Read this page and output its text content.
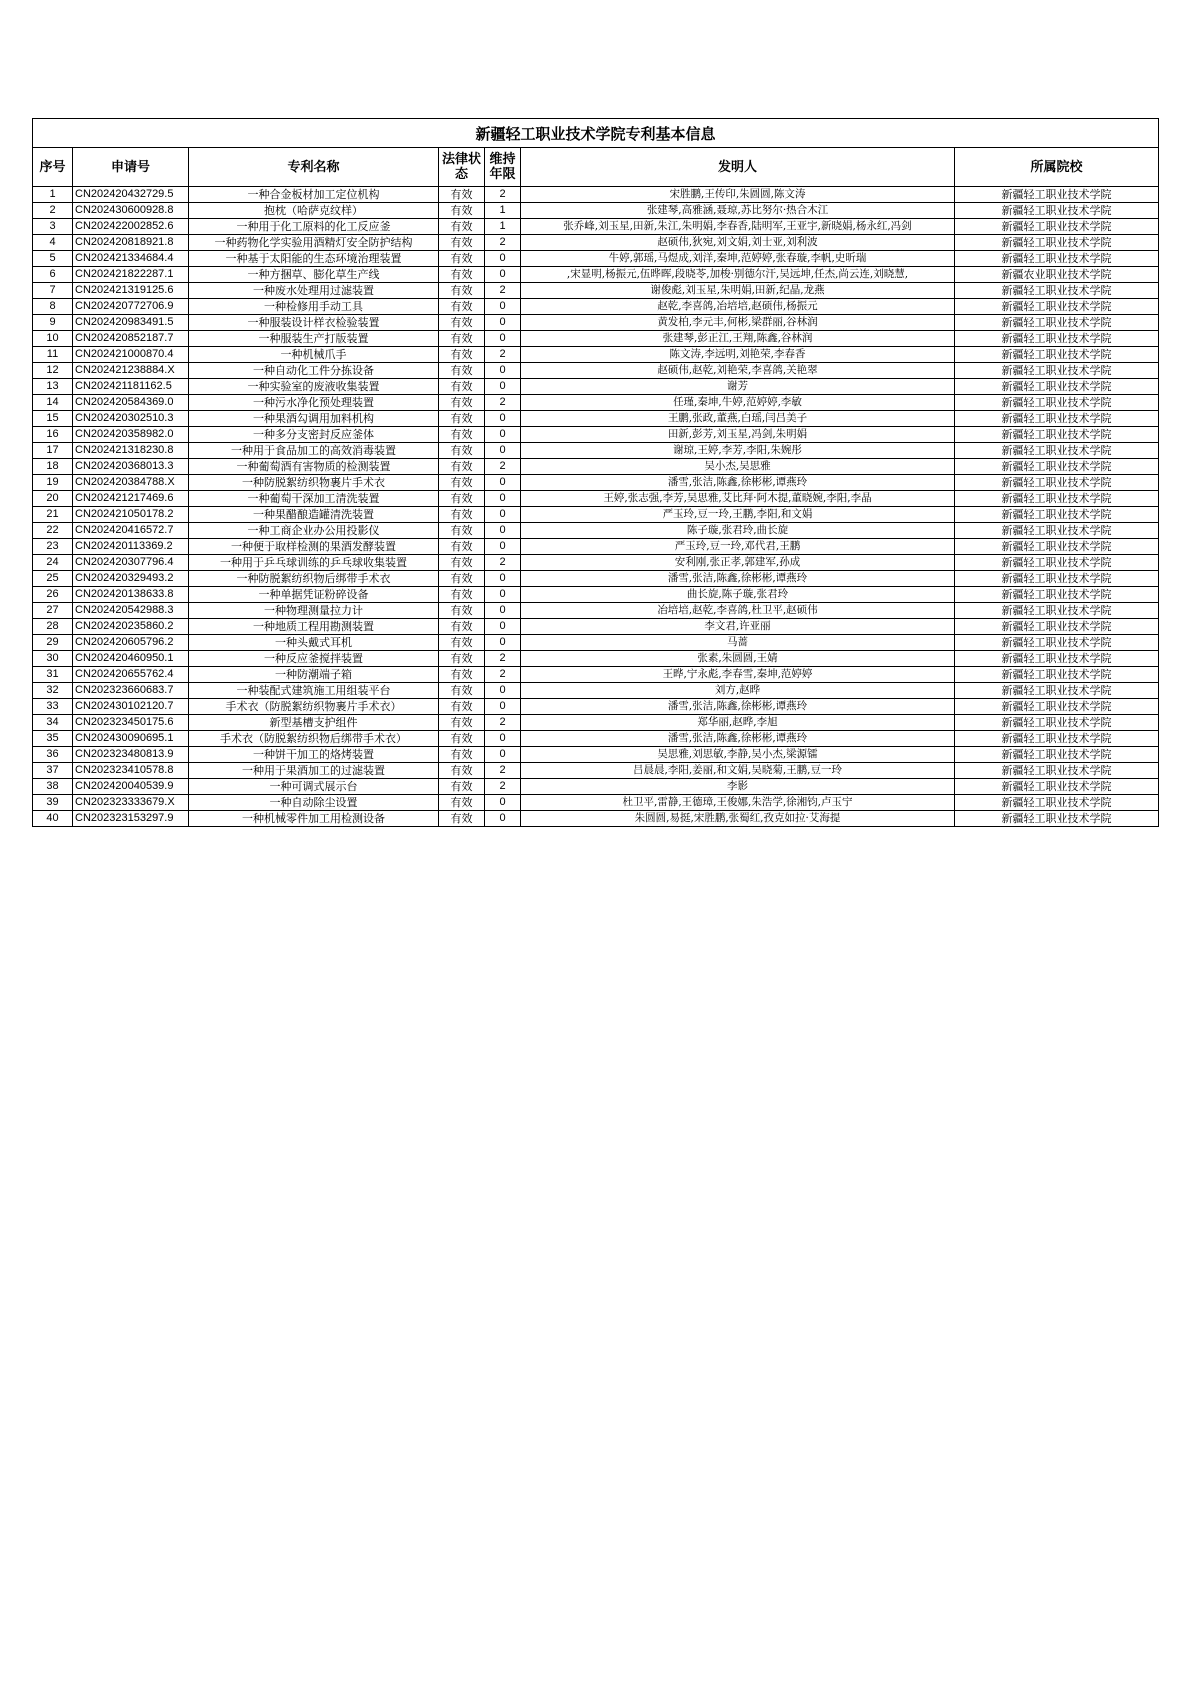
新疆轻工职业技术学院专利基本信息						
序号	申请号	专利名称	法律状态	维持年限	发明人	所属院校
1	CN202420432729.5	一种合金板材加工定位机构	有效	2	宋胜鹏,王传印,朱圆圆,陈文涛	新疆轻工职业技术学院
2	CN202430600928.8	抱枕（哈萨克纹样）	有效	1	张建琴,高雅涵,聂琼,苏比努尔·热合木江	新疆轻工职业技术学院
3	CN202422002852.6	一种用于化工原料的化工反应釜	有效	1	张乔峰,刘玉星,田新,朱江,朱明娟,李春香,陆明军,王亚宇,新晓娟,杨永红,冯剑	新疆轻工职业技术学院
4	CN202420818921.8	一种药物化学实验用酒精灯安全防护结构	有效	2	赵硕伟,狄宛,刘文娟,刘士亚,刘利波	新疆轻工职业技术学院
5	CN202421334684.4	一种基于太阳能的生态环境治理装置	有效	0	牛婷,郭瑶,马煜成,刘洋,秦坤,范婷婷,张春璇,李帆,史昕瑞	新疆轻工职业技术学院
6	CN202421822287.1	一种方捆草、膨化草生产线	有效	0	,宋显明,杨振元,伍晔晖,段晓苓,加梭·别德尔汗,吴远坤,任杰,尚云连,刘晓慧,	新疆农业职业技术学院
7	CN202421319125.6	一种废水处理用过滤装置	有效	2	谢俊彪,刘玉星,朱明娟,田新,纪晶,龙燕	新疆轻工职业技术学院
8	CN202420772706.9	一种检修用手动工具	有效	0	赵乾,李喜鸽,冶培培,赵硕伟,杨振元	新疆轻工职业技术学院
9	CN202420983491.5	一种服装设计样衣检验装置	有效	0	黄发柏,李元丰,何彬,梁群丽,谷林润	新疆轻工职业技术学院
10	CN202420852187.7	一种服装生产打版装置	有效	0	张建琴,彭正江,王翔,陈鑫,谷林润	新疆轻工职业技术学院
11	CN202421000870.4	一种机械爪手	有效	2	陈文涛,李远明,刘艳荣,李春香	新疆轻工职业技术学院
12	CN202421238884.X	一种自动化工件分拣设备	有效	0	赵硕伟,赵乾,刘艳荣,李喜鸽,关艳翠	新疆轻工职业技术学院
13	CN202421181162.5	一种实验室的废液收集装置	有效	0	谢芳	新疆轻工职业技术学院
14	CN202420584369.0	一种污水净化预处理装置	有效	2	任瑾,秦坤,牛婷,范婷婷,李敏	新疆轻工职业技术学院
15	CN202420302510.3	一种果酒勾调用加料机构	有效	0	王鹏,张政,董燕,白瑶,闫吕美子	新疆轻工职业技术学院
16	CN202420358982.0	一种多分支密封反应釜体	有效	0	田新,彭芳,刘玉星,冯剑,朱明娟	新疆轻工职业技术学院
17	CN202421318230.8	一种用于食品加工的高效消毒装置	有效	0	谢琼,王婷,李芳,李阳,朱婉彤	新疆轻工职业技术学院
18	CN202420368013.3	一种葡萄酒有害物质的检测装置	有效	2	吴小杰,吴思雅	新疆轻工职业技术学院
19	CN202420384788.X	一种防脱絮纺织物裹片手术衣	有效	0	潘雪,张洁,陈鑫,徐彬彬,谭燕玲	新疆轻工职业技术学院
20	CN202421217469.6	一种葡萄干深加工清洗装置	有效	0	王婷,张志强,李芳,吴思雅,艾比拜·阿木提,董晓婉,李阳,李晶	新疆轻工职业技术学院
21	CN202421050178.2	一种果醋酿造罐清洗装置	有效	0	严玉玲,豆一玲,王鹏,李阳,和文娟	新疆轻工职业技术学院
22	CN202420416572.7	一种工商企业办公用投影仪	有效	0	陈子璇,张君玲,曲长旋	新疆轻工职业技术学院
23	CN202420113369.2	一种便于取样检测的果酒发酵装置	有效	0	严玉玲,豆一玲,邓代君,王鹏	新疆轻工职业技术学院
24	CN202420307796.4	一种用于乒乓球训练的乒乓球收集装置	有效	2	安利刚,张正孝,郭建军,孙成	新疆轻工职业技术学院
25	CN202420329493.2	一种防脱絮纺织物后绑带手术衣	有效	0	潘雪,张洁,陈鑫,徐彬彬,谭燕玲	新疆轻工职业技术学院
26	CN202420138633.8	一种单据凭证粉碎设备	有效	0	曲长旋,陈子璇,张君玲	新疆轻工职业技术学院
27	CN202420542988.3	一种物理测量拉力计	有效	0	冶培培,赵乾,李喜鸽,杜卫平,赵硕伟	新疆轻工职业技术学院
28	CN202420235860.2	一种地质工程用勘测装置	有效	0	李文君,许亚丽	新疆轻工职业技术学院
29	CN202420605796.2	一种头戴式耳机	有效	0	马蔷	新疆轻工职业技术学院
30	CN202420460950.1	一种反应釜搅拌装置	有效	2	张素,朱圆圆,王婧	新疆轻工职业技术学院
31	CN202420655762.4	一种防潮端子箱	有效	2	王晔,宁永彪,李春雪,秦坤,范婷婷	新疆轻工职业技术学院
32	CN202323660683.7	一种装配式建筑施工用组装平台	有效	0	刘方,赵晔	新疆轻工职业技术学院
33	CN202430102120.7	手术衣（防脱絮纺织物裹片手术衣）	有效	0	潘雪,张洁,陈鑫,徐彬彬,谭燕玲	新疆轻工职业技术学院
34	CN202323450175.6	新型基槽支护组件	有效	2	郑华丽,赵晔,李旭	新疆轻工职业技术学院
35	CN202430090695.1	手术衣（防脱絮纺织物后绑带手术衣）	有效	0	潘雪,张洁,陈鑫,徐彬彬,谭燕玲	新疆轻工职业技术学院
36	CN202323480813.9	一种饼干加工的烙烤装置	有效	0	吴思雅,刘思敏,李静,吴小杰,梁源镭	新疆轻工职业技术学院
37	CN202323410578.8	一种用于果酒加工的过滤装置	有效	2	吕晨晨,李阳,姜丽,和文娟,吴晓菊,王鹏,豆一玲	新疆轻工职业技术学院
38	CN202420040539.9	一种可调式展示台	有效	2	李影	新疆轻工职业技术学院
39	CN202323333679.X	一种自动除尘设置	有效	0	杜卫平,雷静,王德璋,王俊娜,朱浩学,徐湘钧,卢玉宁	新疆轻工职业技术学院
40	CN202323153297.9	一种机械零件加工用检测设备	有效	0	朱圆圆,易挺,宋胜鹏,张蜀红,孜克如拉·艾海提	新疆轻工职业技术学院
